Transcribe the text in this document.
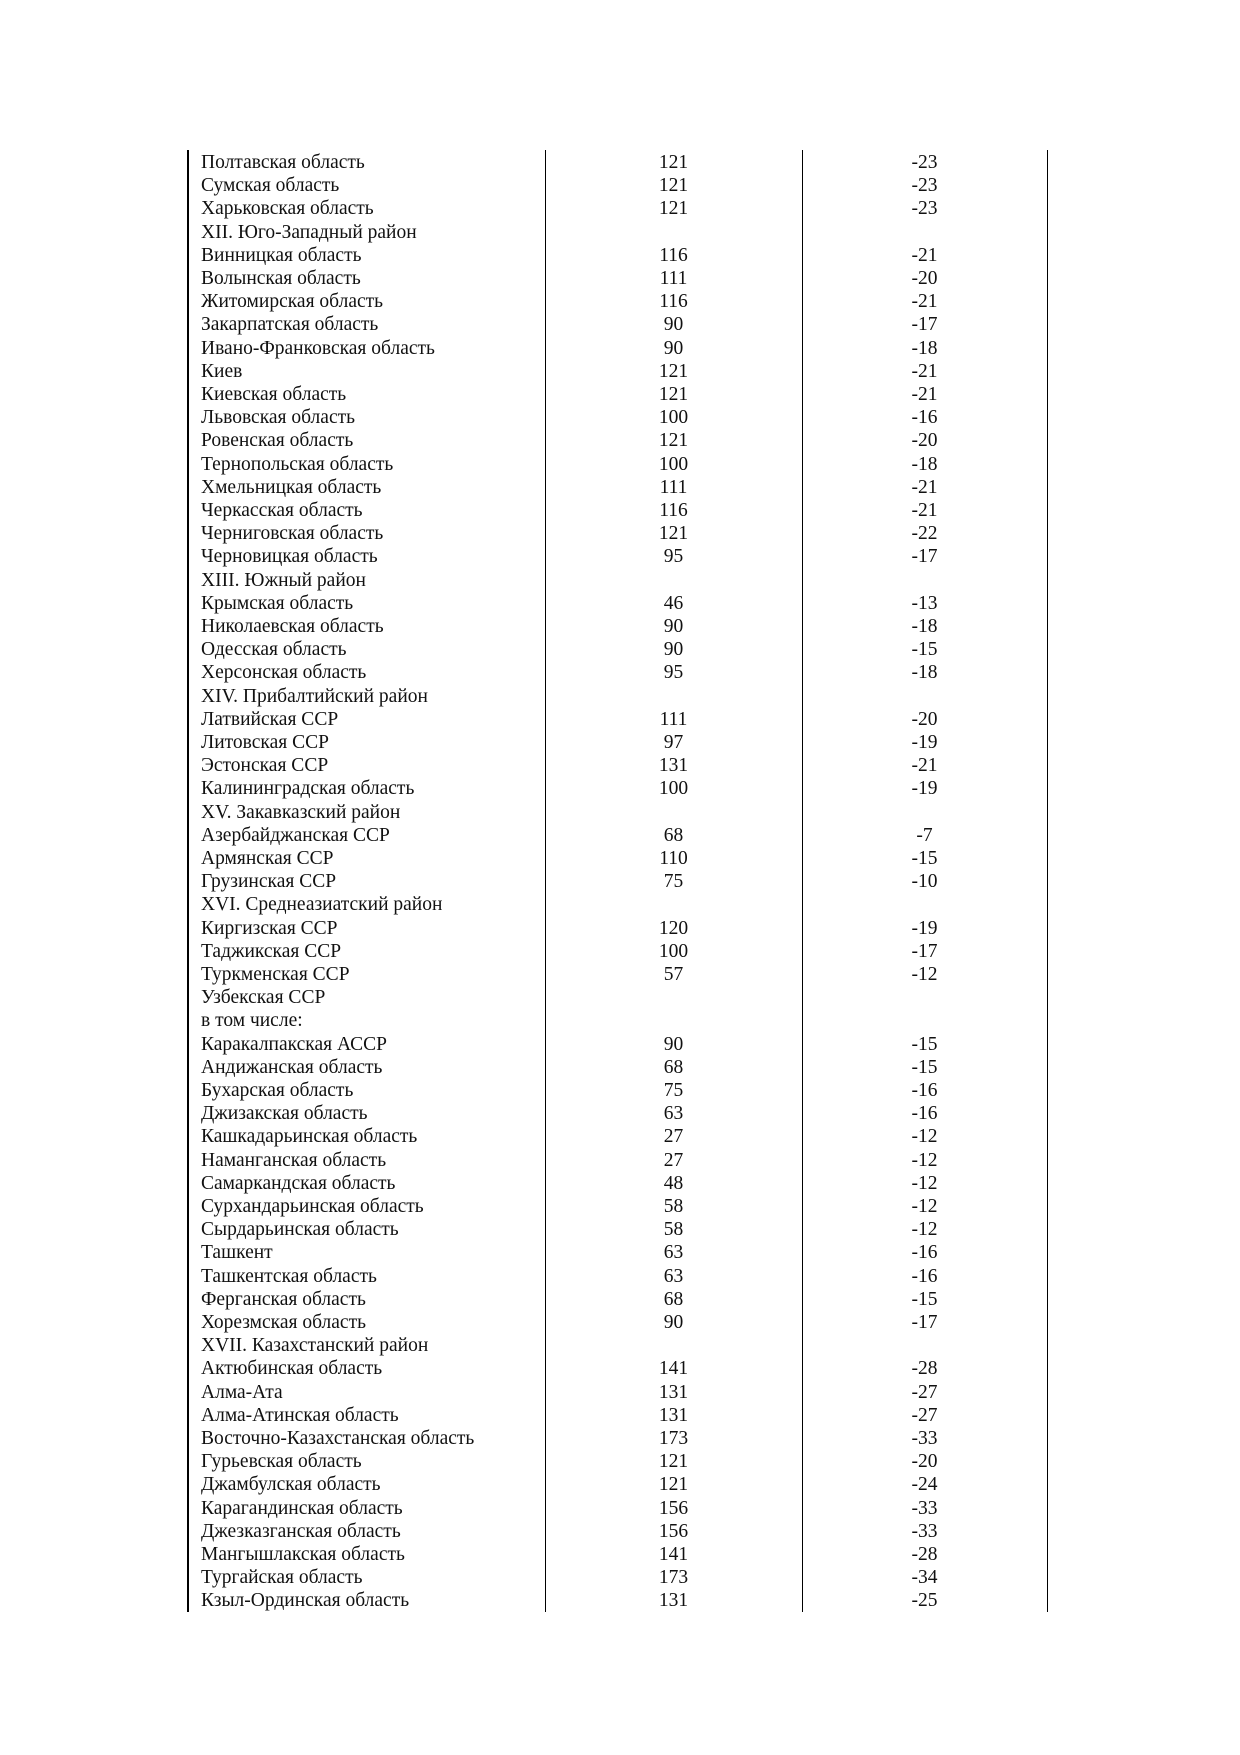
Полтавская область	121	-23
Сумская область	121	-23
Харьковская область	121	-23
XII. Юго-Западный район
Винницкая область	116	-21
Волынская область	111	-20
Житомирская область	116	-21
Закарпатская область	90	-17
Ивано-Франковская область	90	-18
Киев	121	-21
Киевская область	121	-21
Львовская область	100	-16
Ровенская область	121	-20
Тернопольская область	100	-18
Хмельницкая область	111	-21
Черкасская область	116	-21
Черниговская область	121	-22
Черновицкая область	95	-17
XIII. Южный район
Крымская область	46	-13
Николаевская область	90	-18
Одесская область	90	-15
Херсонская область	95	-18
XIV. Прибалтийский район
Латвийская ССР	111	-20
Литовская ССР	97	-19
Эстонская ССР	131	-21
Калининградская область	100	-19
XV. Закавказский район
Азербайджанская ССР	68	-7
Армянская ССР	110	-15
Грузинская ССР	75	-10
XVI. Среднеазиатский район
Киргизская ССР	120	-19
Таджикская ССР	100	-17
Туркменская ССР	57	-12
Узбекская ССР
в том числе:
Каракалпакская АССР	90	-15
Андижанская область	68	-15
Бухарская область	75	-16
Джизакская область	63	-16
Кашкадарьинская область	27	-12
Наманганская область	27	-12
Самаркандская область	48	-12
Сурхандарьинская область	58	-12
Сырдарьинская область	58	-12
Ташкент	63	-16
Ташкентская область	63	-16
Ферганская область	68	-15
Хорезмская область	90	-17
XVII. Казахстанский район
Актюбинская область	141	-28
Алма-Ата	131	-27
Алма-Атинская область	131	-27
Восточно-Казахстанская область	173	-33
Гурьевская область	121	-20
Джамбулская область	121	-24
Карагандинская область	156	-33
Джезказганская область	156	-33
Мангышлакская область	141	-28
Тургайская область	173	-34
Кзыл-Ординская область	131	-25
